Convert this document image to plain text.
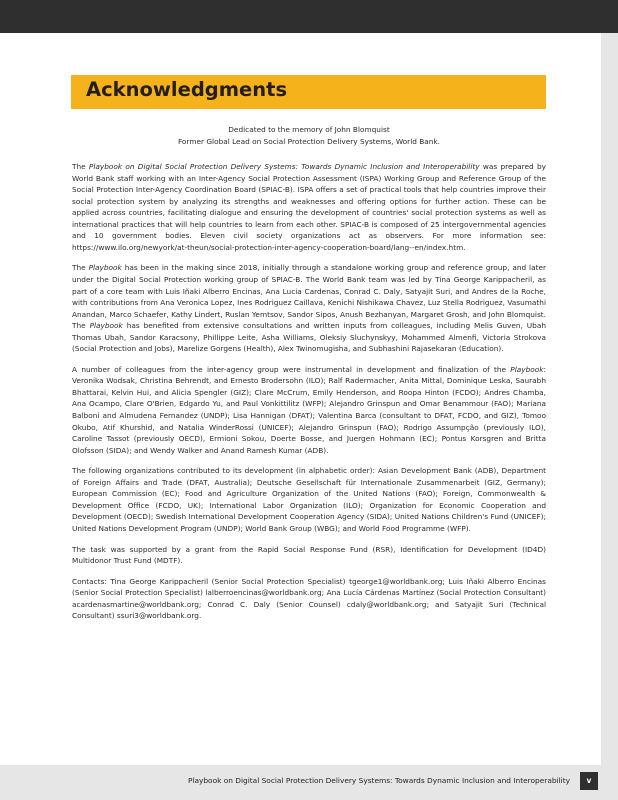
Acknowledgments
Dedicated to the memory of John Blomquist
Former Global Lead on Social Protection Delivery Systems, World Bank.

The Playbook on Digital Social Protection Delivery Systems: Towards Dynamic Inclusion and Interoperability was prepared by World Bank staff working with an Inter-Agency Social Protection Assessment (ISPA) Working Group and Reference Group of the Social Protection Inter-Agency Coordination Board (SPIAC-B). ISPA offers a set of practical tools that help countries improve their social protection system by analyzing its strengths and weaknesses and offering options for further action. These can be applied across countries, facilitating dialogue and ensuring the development of countries' social protection systems as well as international practices that will help countries to learn from each other. SPIAC-B is composed of 25 intergovernmental agencies and 10 government bodies. Eleven civil society organizations act as observers. For more information see: https://www.ilo.org/newyork/at-theun/social-protection-inter-agency-cooperation-board/lang--en/index.htm.

The Playbook has been in the making since 2018, initially through a standalone working group and reference group, and later under the Digital Social Protection working group of SPIAC-B. The World Bank team was led by Tina George Karippacheril, as part of a core team with Luis Iñaki Alberro Encinas, Ana Lucia Cardenas, Conrad C. Daly, Satyajit Suri, and Andres de la Roche, with contributions from Ana Veronica Lopez, Ines Rodriguez Caillava, Kenichi Nishikawa Chavez, Luz Stella Rodriguez, Vasumathi Anandan, Marco Schaefer, Kathy Lindert, Ruslan Yemtsov, Sandor Sipos, Anush Bezhanyan, Margaret Grosh, and John Blomquist. The Playbook has benefited from extensive consultations and written inputs from colleagues, including Melis Guven, Ubah Thomas Ubah, Sandor Karacsony, Phillippe Leite, Asha Williams, Oleksiy Sluchynskyy, Mohammed Almenfi, Victoria Strokova (Social Protection and Jobs), Marelize Gorgens (Health), Alex Twinomugisha, and Subhashini Rajasekaran (Education).

A number of colleagues from the inter-agency group were instrumental in development and finalization of the Playbook: Veronika Wodsak, Christina Behrendt, and Ernesto Brodersohn (ILO); Ralf Radermacher, Anita Mittal, Dominique Leska, Saurabh Bhattarai, Kelvin Hui, and Alicia Spengler (GIZ); Clare McCrum, Emily Henderson, and Roopa Hinton (FCDO); Andres Chamba, Ana Ocampo, Clare O'Brien, Edgardo Yu, and Paul Vonkittilitz (WFP); Alejandro Grinspun and Omar Benammour (FAO); Mariana Balboni and Almudena Fernandez (UNDP); Lisa Hannigan (DFAT); Valentina Barca (consultant to DFAT, FCDO, and GIZ), Tomoo Okubo, Atif Khurshid, and Natalia WinderRossi (UNICEF); Alejandro Grinspun (FAO); Rodrigo Assumpção (previously ILO), Caroline Tassot (previously OECD), Ermioni Sokou, Doerte Bosse, and Juergen Hohmann (EC); Pontus Korsgren and Britta Olofsson (SIDA); and Wendy Walker and Anand Ramesh Kumar (ADB).

The following organizations contributed to its development (in alphabetic order): Asian Development Bank (ADB), Department of Foreign Affairs and Trade (DFAT, Australia); Deutsche Gesellschaft für Internationale Zusammenarbeit (GIZ, Germany); European Commission (EC); Food and Agriculture Organization of the United Nations (FAO); Foreign, Commonwealth & Development Office (FCDO, UK); International Labor Organization (ILO); Organization for Economic Cooperation and Development (OECD); Swedish International Development Cooperation Agency (SIDA); United Nations Children's Fund (UNICEF); United Nations Development Program (UNDP); World Bank Group (WBG); and World Food Programme (WFP).

The task was supported by a grant from the Rapid Social Response Fund (RSR), Identification for Development (ID4D) Multidonor Trust Fund (MDTF).

Contacts: Tina George Karippacheril (Senior Social Protection Specialist) tgeorge1@worldbank.org; Luis Iñaki Alberro Encinas (Senior Social Protection Specialist) lalberroencinas@worldbank.org; Ana Lucía Cárdenas Martínez (Social Protection Consultant) acardenasmartine@worldbank.org; Conrad C. Daly (Senior Counsel) cdaly@worldbank.org; and Satyajit Suri (Technical Consultant) ssuri3@worldbank.org.

Playbook on Digital Social Protection Delivery Systems: Towards Dynamic Inclusion and Interoperability	v
